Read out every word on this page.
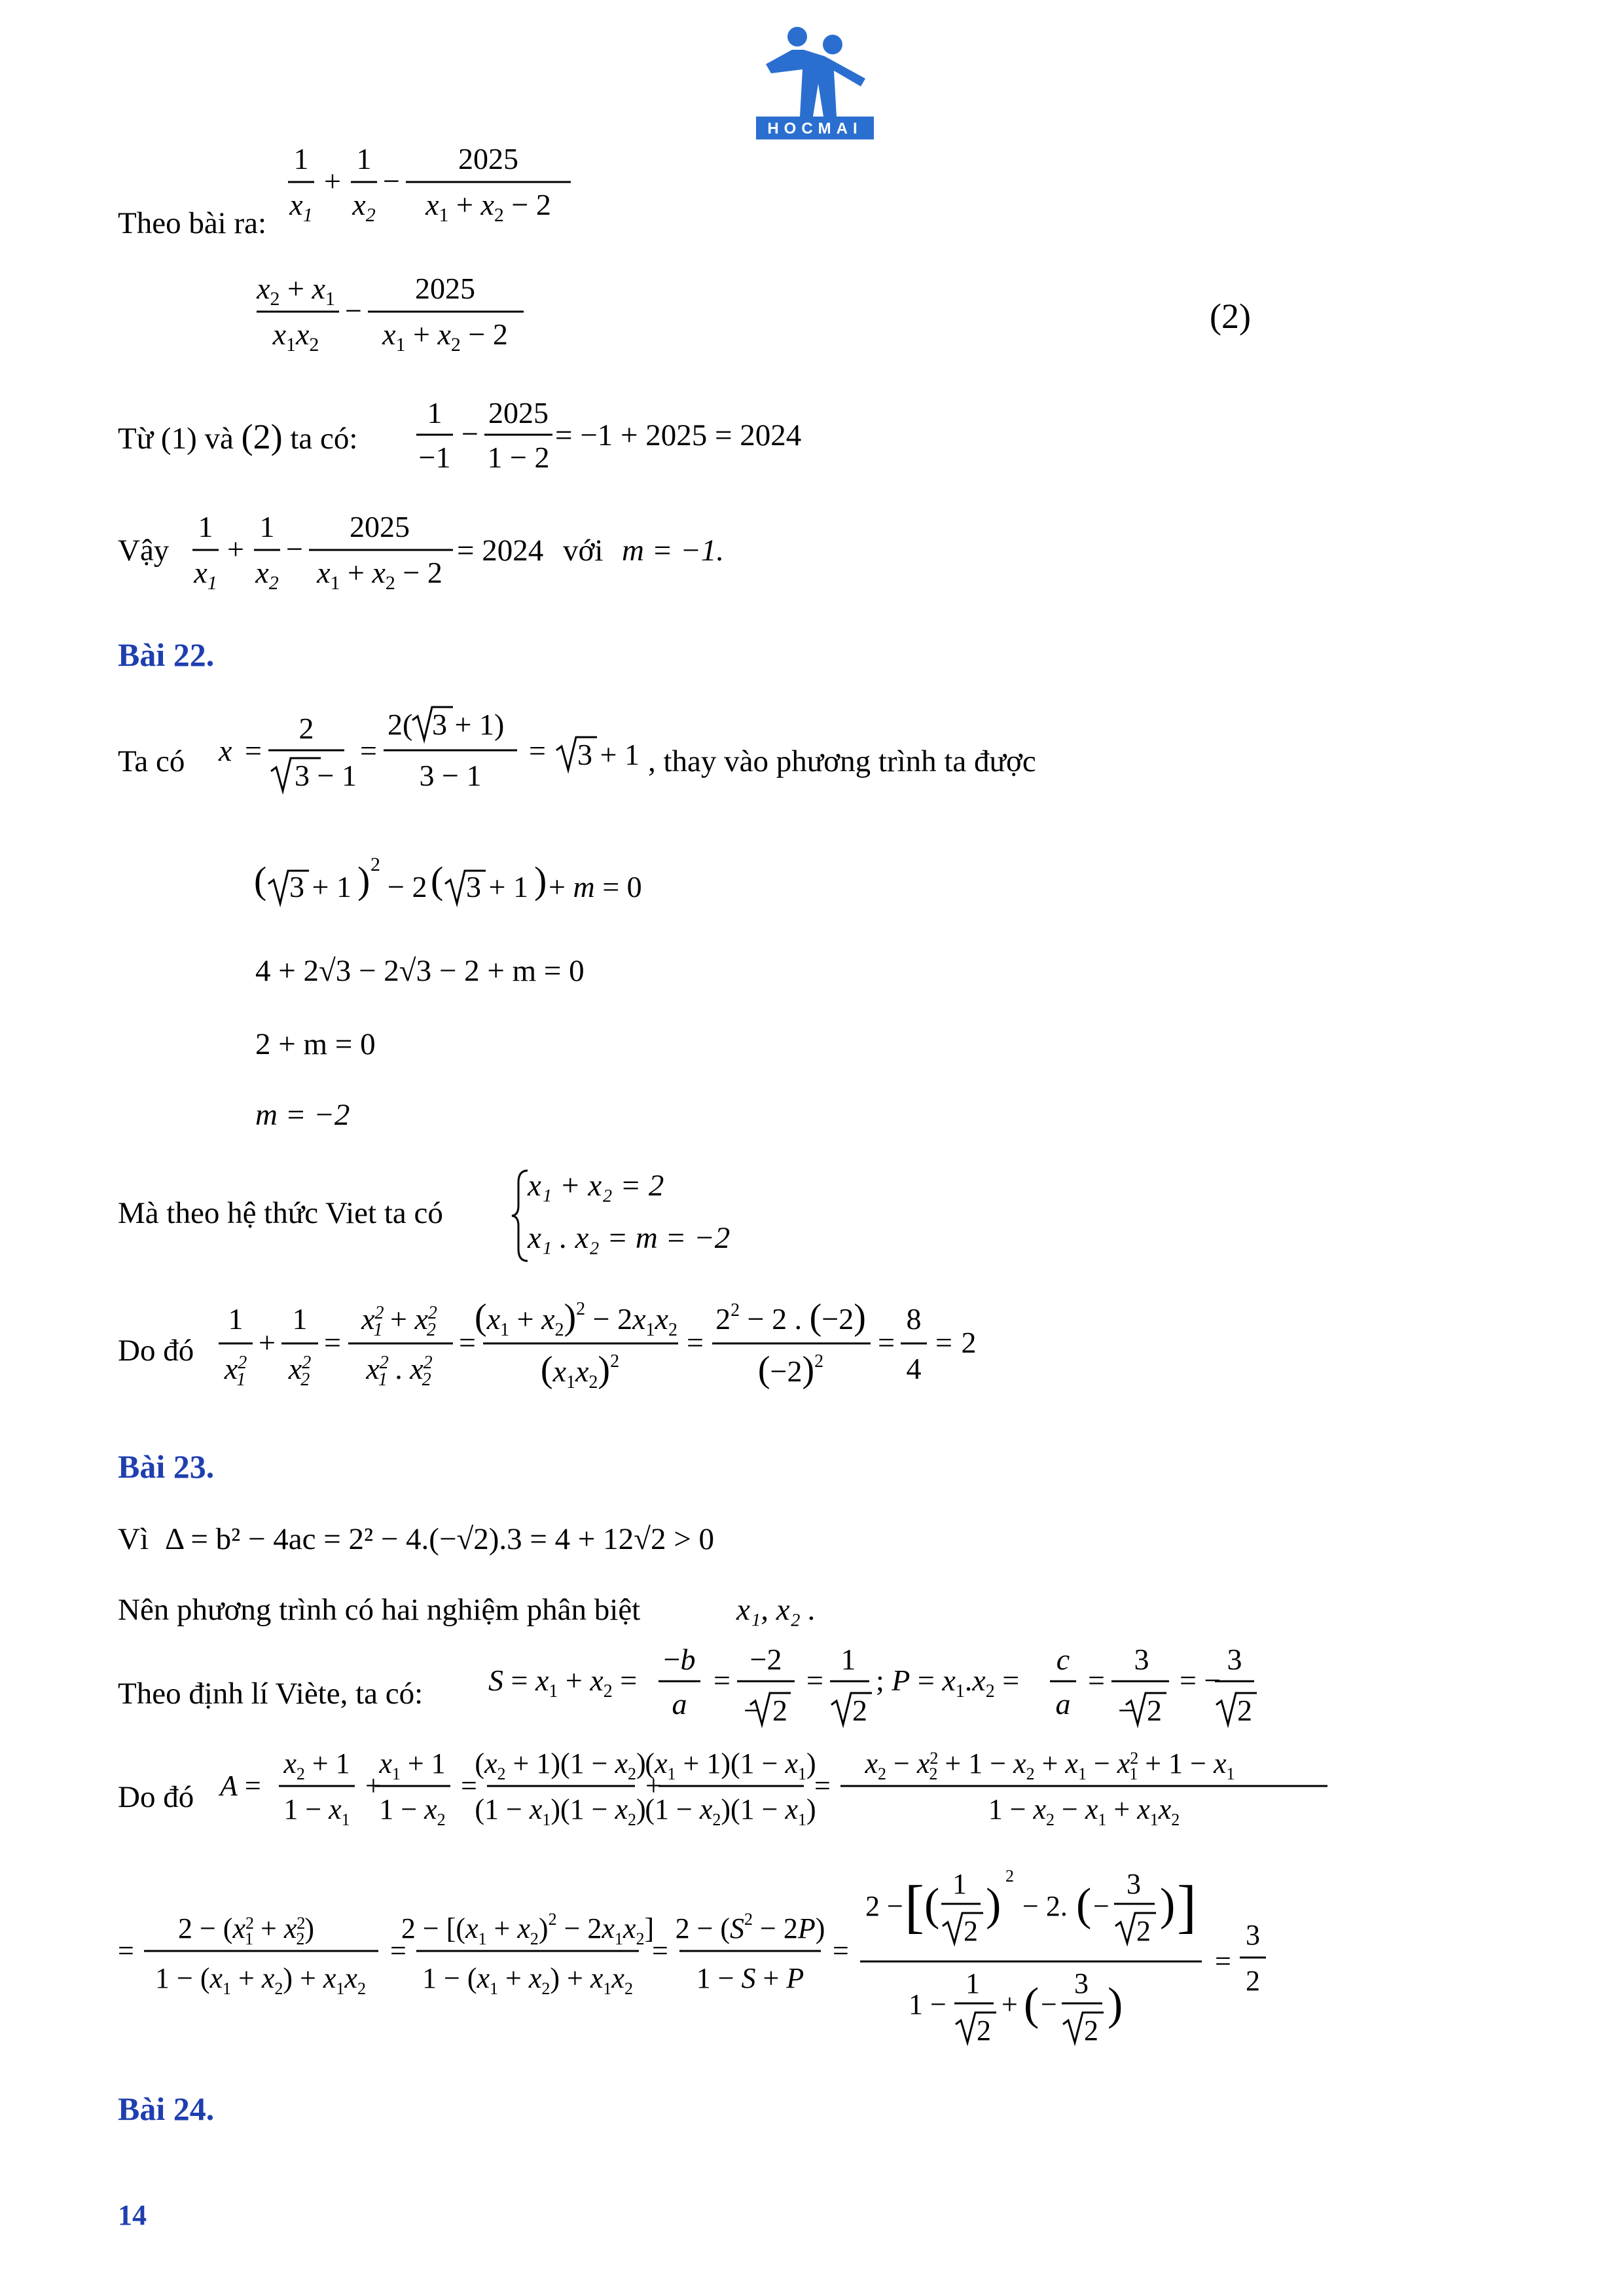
HOCMAI
Theo bài ra:
1
$x_1$
+
1
$x_2$
−
2025
$x_1 + x_2 - 2$
$x_2 + x_1$
$x_1x_2$
−
2025
$x_1 + x_2 - 2$	(2)
Từ (1) và (2) ta có:
1
−1
−
2025
1 − 2
= −1 + 2025 = 2024
Vậy
1
$x_1$
+
1
$x_2$
−
2025
$x_1 + x_2 - 2$
= 2024 với m = −1.
Bài 22.
Ta có x =
2
3 − 1
=
2( 3 + 1)
3 − 1
= 3 + 1 , thay vào phương trình ta được
( 3 + 1 ) 2
− 2 ( 3 + 1 ) + m = 0
4 + 2√3 − 2√3 − 2 + m = 0
2 + m = 0
m = −2
Mà theo hệ thức Viet ta có
x₁ + x₂ = 2
x₁ . x₂ = m = −2
Do đó
1
$x^2$ 1
+
1
$x^2$ 2
=
$x^2$ $1 + x^2$ 2
$x^2$ 1 . $x^2$ 2
=
$(x_1 + x_2)^2 - 2x_1x_2$
$(x_1x_2)^2$
=
$2^2 - 2$ . (−2)
$(-2)^2$
=
8
4
= 2
Bài 23.
Vì Δ = b² − 4ac = 2² − 4.(−√2).3 = 4 + 12√2 > 0
Nên phương trình có hai nghiệm phân biệt	x₁, x₂ .
Theo định lí Viète, ta có: $S = x_1 + x_2$ =
−b
a
=
−2
− 2
=
1
2
; $P = x_1.x_2$ =
c
a
=
3
− 2
= −
3
2
Do đó A =
$x_2 + 1$
$1 - x_1$
+
$x_1 + 1$
$1 - x_2$
=
$(x_2 + 1)(1 - x_2)$
$(1 - x_1)(1 - x_2)$
+
$(x_1 + 1)(1 - x_1)$
$(1 - x_2)(1 - x_1)$
=
$x_2 - x^2$ $2 + 1 - x_2 + x_1 - x^2$ $1 + 1 - x_1$
$1 - x_2 - x_1 + x_1x_2$
=
$2 - (x^2$ $1 + x^2$ 2)
$1 - (x_1 + x_2) + x_1x_2$
=
$2 - [(x_1 + x_2)^2 - 2x_1x_2]$
$1 - (x_1 + x_2) + x_1x_2$
=
$2 - (S^2 - 2P)$
1 − S + P
=
2 − [ ( 1
2
)
2
− 2. ( −
3
2
) ]
1 −
1
2
+ ( −
3
2
)
=
3
2
Bài 24.
14
